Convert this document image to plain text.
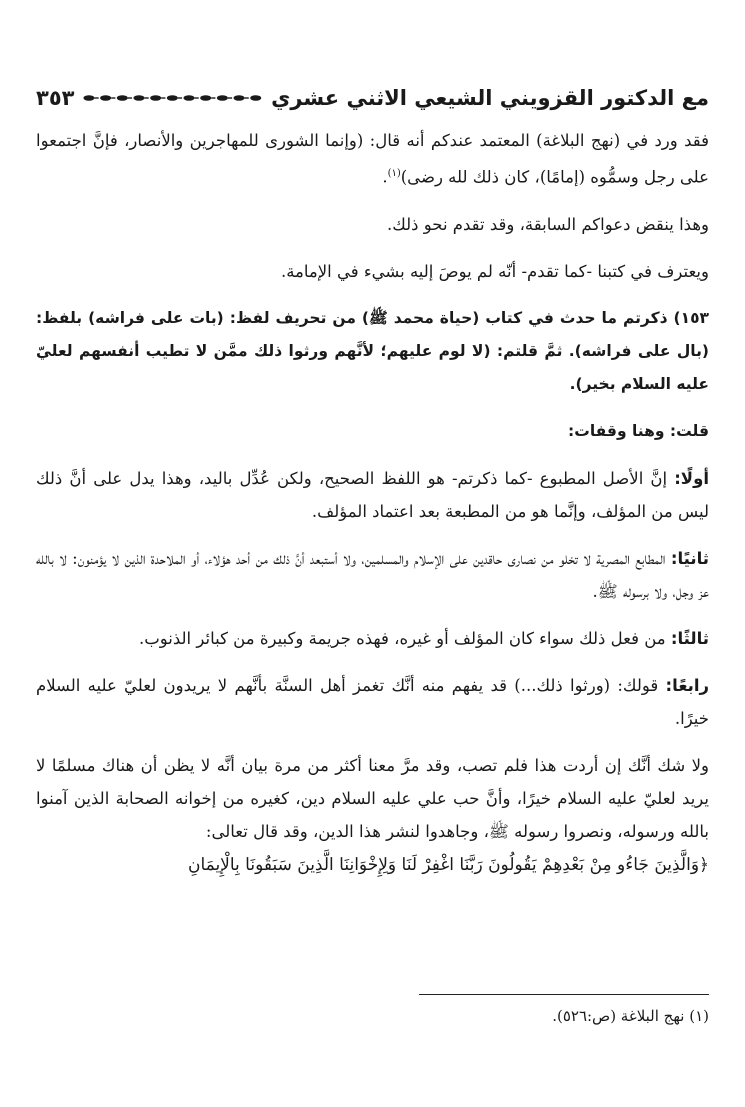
مع الدكتور القزويني الشيعي الاثني عشري
٣٥٣

فقد ورد في (نهج البلاغة) المعتمد عندكم أنه قال: (وإنما الشورى للمهاجرين والأنصار، فإنَّ اجتمعوا على رجل وسمُّوه (إمامًا)، كان ذلك لله رضى)$^{(١)}$.

وهذا ينقض دعواكم السابقة، وقد تقدم نحو ذلك.

ويعترف في كتبنا -كما تقدم- أنّه لم يوصَ إليه بشيء في الإمامة.

١٥٣) ذكرتم ما حدث في كتاب (حياة محمد ﷺ) من تحريف لفظ: (بات على فراشه) بلفظ: (بال على فراشه). ثمَّ قلتم: (لا لوم عليهم؛ لأنَّهم ورثوا ذلك ممَّن لا تطيب أنفسهم لعليّ عليه السلام بخير).

قلت: وهنا وقفات:

أولًا: إنَّ الأصل المطبوع -كما ذكرتم- هو اللفظ الصحيح، ولكن عُدِّل باليد، وهذا يدل على أنَّ ذلك ليس من المؤلف، وإنَّما هو من المطبعة بعد اعتماد المؤلف.

ثانيًا: المطابع المصرية لا تخلو من نصارى حاقدين على الإسلام والمسلمين، ولا أستبعد أنَّ ذلك من أحد هؤلاء، أو الملاحدة الذين لا يؤمنون: لا بالله عز وجل، ولا برسوله ﷺ.

ثالثًا: من فعل ذلك سواء كان المؤلف أو غيره، فهذه جريمة وكبيرة من كبائر الذنوب.

رابعًا: قولك: (ورثوا ذلك...) قد يفهم منه أنَّك تغمز أهل السنَّة بأنَّهم لا يريدون لعليّ عليه السلام خيرًا.

ولا شك أنَّك إن أردت هذا فلم تصب، وقد مرَّ معنا أكثر من مرة بيان أنَّه لا يظن أن هناك مسلمًا لا يريد لعليّ عليه السلام خيرًا، وأنَّ حب علي عليه السلام دين، كغيره من إخوانه الصحابة الذين آمنوا بالله ورسوله، ونصروا رسوله ﷺ، وجاهدوا لنشر هذا الدين، وقد قال تعالى:

﴿وَالَّذِينَ جَاءُو مِنْ بَعْدِهِمْ يَقُولُونَ رَبَّنَا اغْفِرْ لَنَا وَلِإِخْوَانِنَا الَّذِينَ سَبَقُونَا بِالْإِيمَانِ

(١) نهج البلاغة (ص:٥٢٦).
